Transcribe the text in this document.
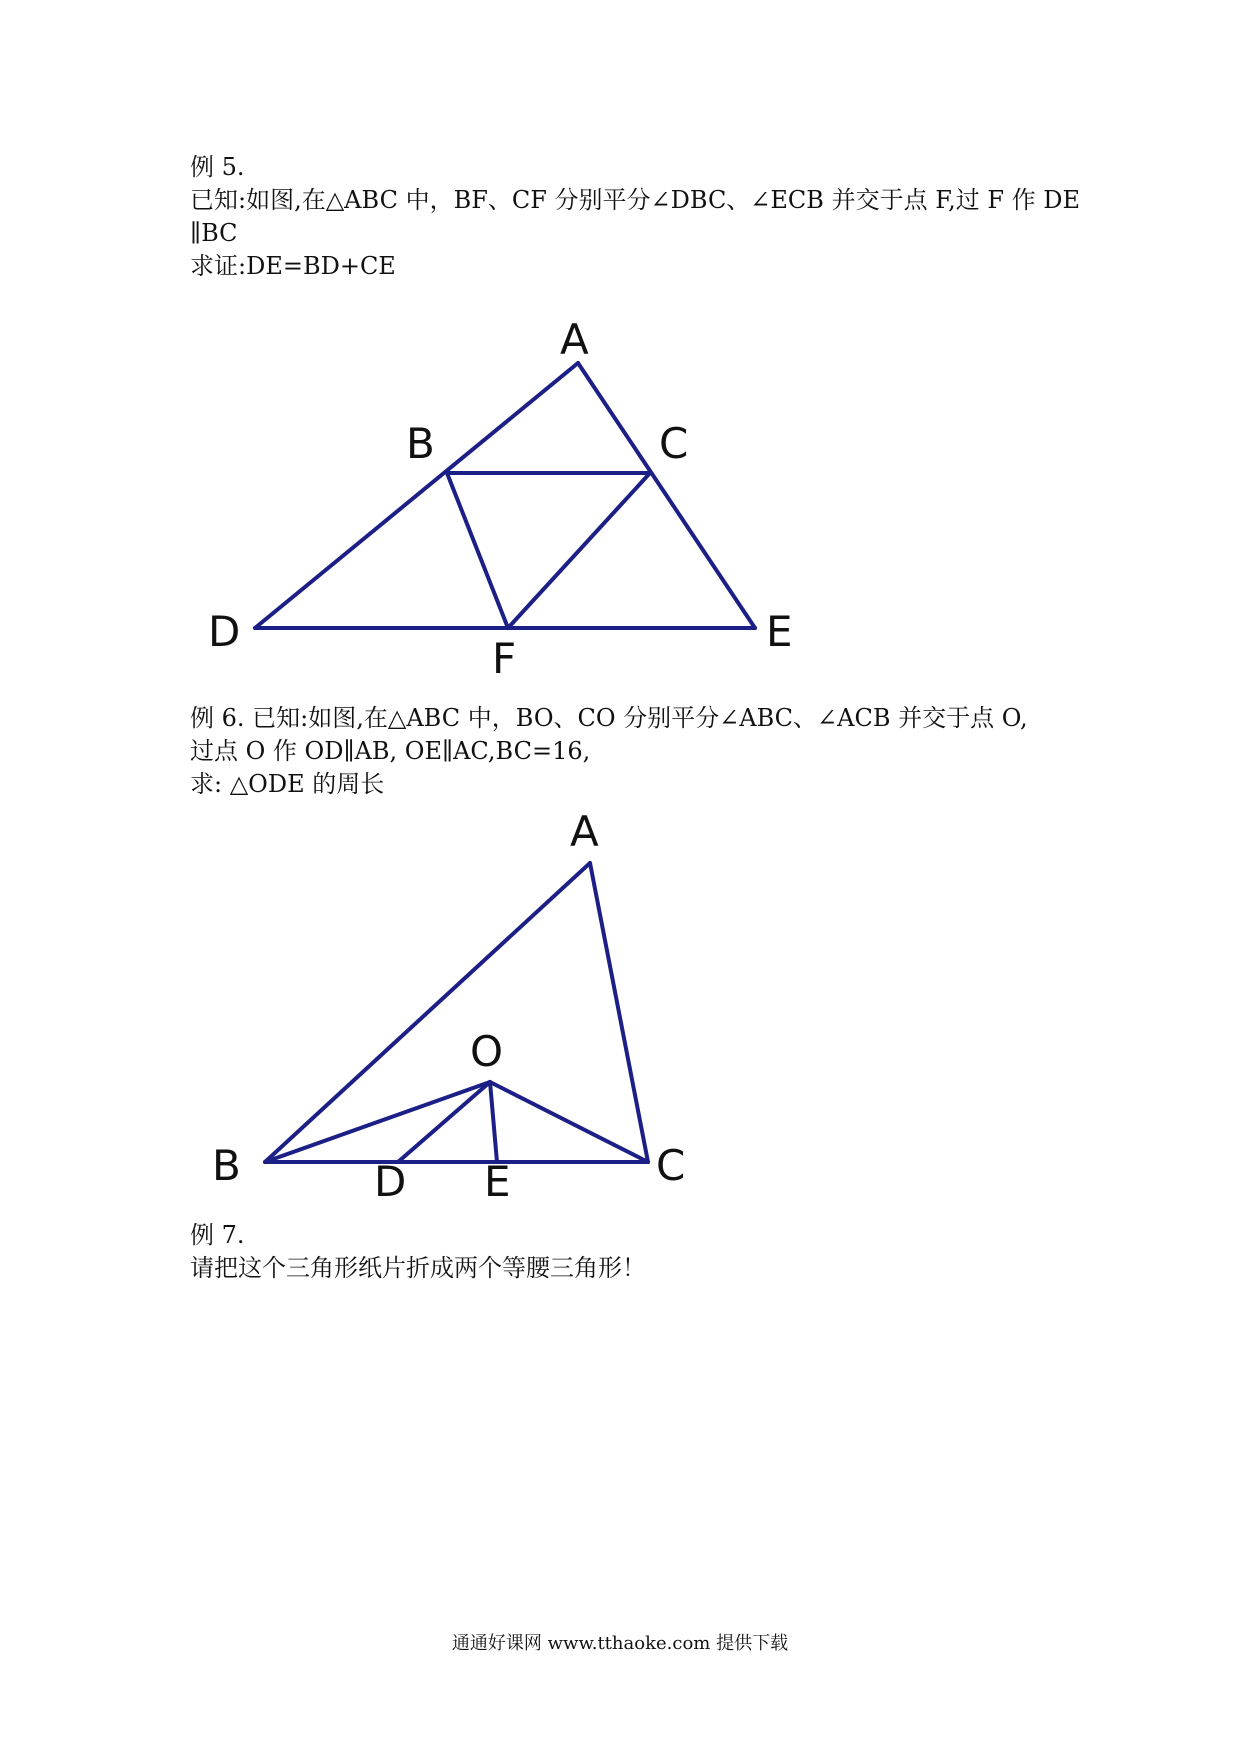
例 5.

已知:如图,在△ABC 中，BF、CF 分别平分∠DBC、∠ECB 并交于点 F,过 F 作 DE

∥BC

求证:DE=BD+CE

A
B	C
D	E
F

例 6. 已知:如图,在△ABC 中，BO、CO 分别平分∠ABC、∠ACB 并交于点 O,

过点 O 作 OD∥AB, OE∥AC,BC=16,

求: △ODE 的周长

A
O
B	D E	C

例 7.

请把这个三角形纸片折成两个等腰三角形！

通通好课网 www.tthaoke.com 提供下载
